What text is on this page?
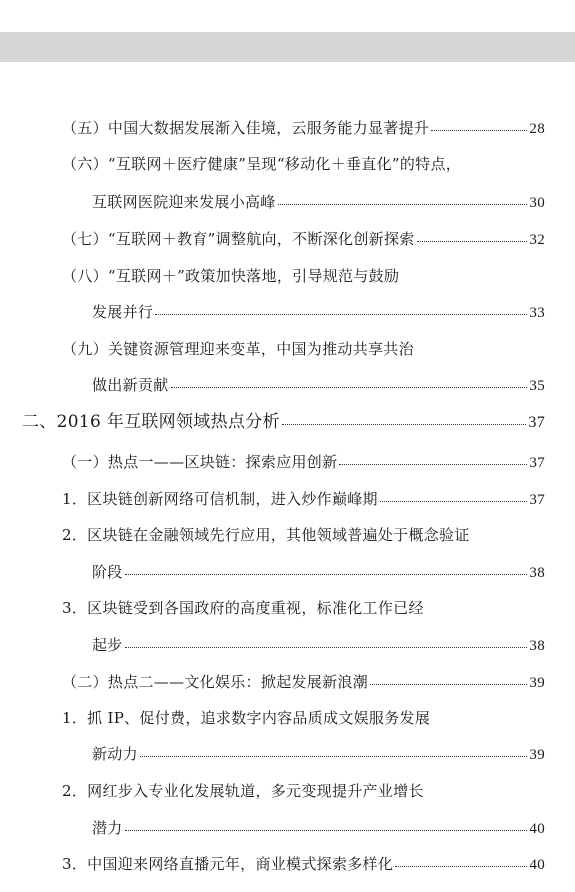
（五）中国大数据发展渐入佳境，云服务能力显著提升	28
（六）“互联网＋医疗健康”呈现“移动化＋垂直化”的特点，
互联网医院迎来发展小高峰	30
（七）“互联网＋教育”调整航向，不断深化创新探索	32
（八）“互联网＋”政策加快落地，引导规范与鼓励
发展并行	33
（九）关键资源管理迎来变革，中国为推动共享共治
做出新贡献	35
二、2016 年互联网领域热点分析	37
（一）热点一——区块链：探索应用创新	37
1．区块链创新网络可信机制，进入炒作巅峰期	37
2．区块链在金融领域先行应用，其他领域普遍处于概念验证
阶段	38
3．区块链受到各国政府的高度重视，标准化工作已经
起步	38
（二）热点二——文化娱乐：掀起发展新浪潮	39
1．抓 IP、促付费，追求数字内容品质成文娱服务发展
新动力	39
2．网红步入专业化发展轨道，多元变现提升产业增长
潜力	40
3．中国迎来网络直播元年，商业模式探索多样化	40
